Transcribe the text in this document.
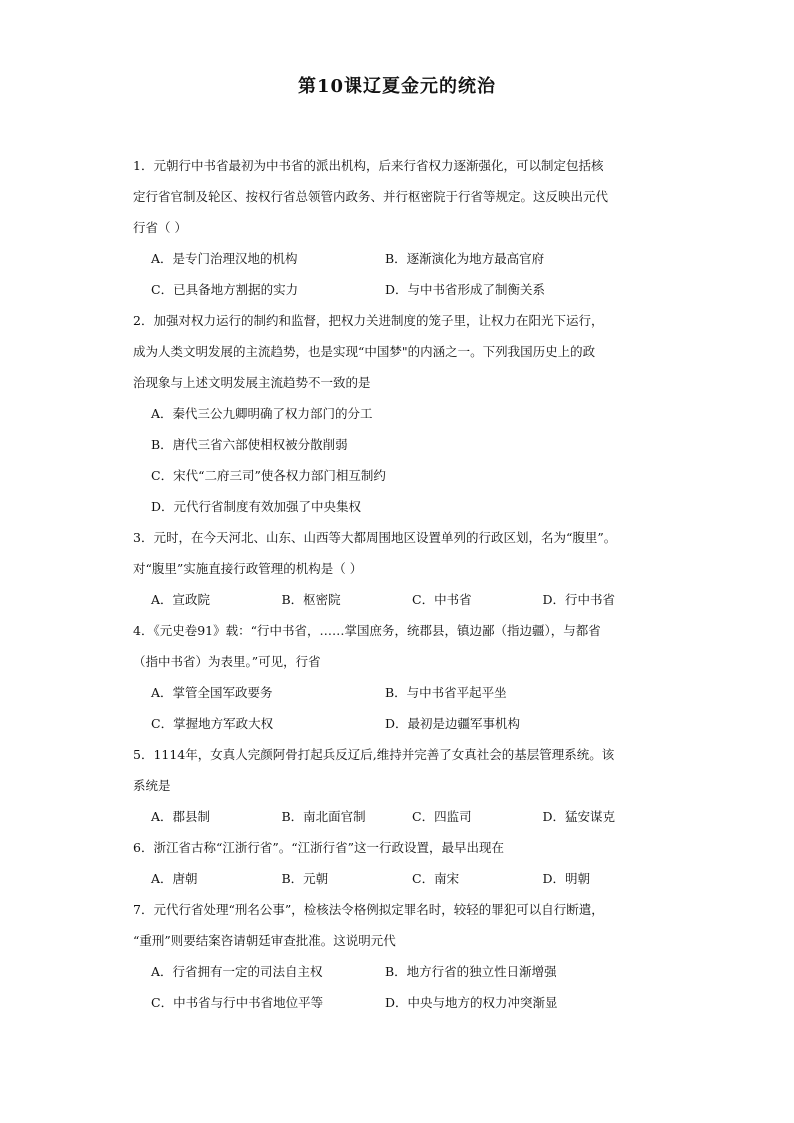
第10课辽夏金元的统治
1．元朝行中书省最初为中书省的派出机构，后来行省权力逐渐强化，可以制定包括核
定行省官制及轮区、按权行省总领管内政务、并行枢密院于行省等规定。这反映出元代
行省（ ）
A．是专门治理汉地的机构	B．逐渐演化为地方最高官府
C．已具备地方割据的实力	D．与中书省形成了制衡关系
2．加强对权力运行的制约和监督，把权力关进制度的笼子里，让权力在阳光下运行，
成为人类文明发展的主流趋势，也是实现“中国梦"的内涵之一。下列我国历史上的政
治现象与上述文明发展主流趋势不一致的是
A．秦代三公九卿明确了权力部门的分工
B．唐代三省六部使相权被分散削弱
C．宋代“二府三司”使各权力部门相互制约
D．元代行省制度有效加强了中央集权
3．元时，在今天河北、山东、山西等大都周围地区设置单列的行政区划，名为“腹里”。
对“腹里”实施直接行政管理的机构是（ ）
A．宣政院	B．枢密院	C．中书省	D．行中书省
4．《元史卷91》载：“行中书省，……掌国庶务，统郡县，镇边鄙（指边疆），与都省
（指中书省）为表里。”可见，行省
A．掌管全国军政要务	B．与中书省平起平坐
C．掌握地方军政大权	D．最初是边疆军事机构
5．1114年，女真人完颜阿骨打起兵反辽后,维持并完善了女真社会的基层管理系统。该
系统是
A．郡县制	B．南北面官制	C．四监司	D．猛安谋克
6．浙江省古称“江浙行省”。“江浙行省”这一行政设置，最早出现在
A．唐朝	B．元朝	C．南宋	D．明朝
7．元代行省处理“刑名公事”，检核法令格例拟定罪名时，较轻的罪犯可以自行断遣，
“重刑”则要结案咨请朝廷审查批准。这说明元代
A．行省拥有一定的司法自主权	B．地方行省的独立性日渐增强
C．中书省与行中书省地位平等	D．中央与地方的权力冲突渐显
